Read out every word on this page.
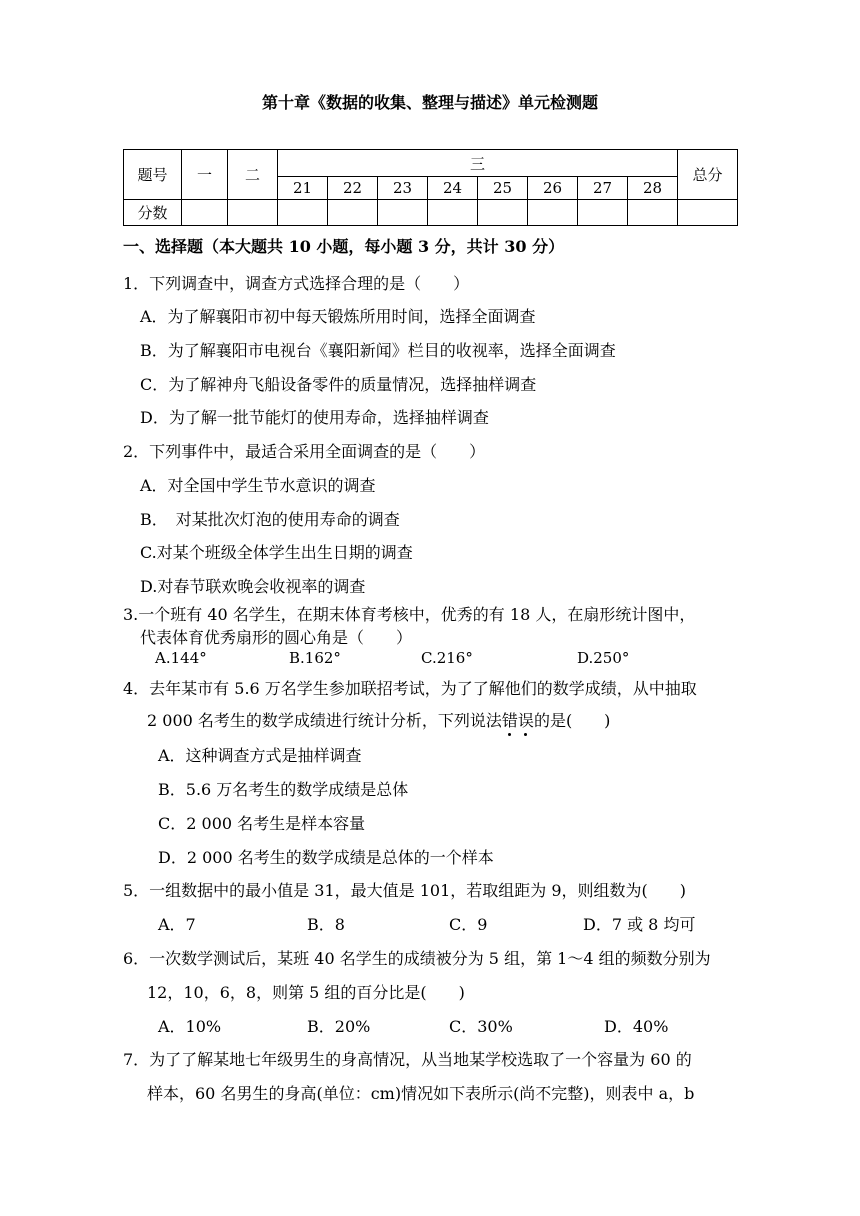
第十章《数据的收集、整理与描述》单元检测题
题号	一	二	三								总分
			21	22	23	24	25	26	27	28	
分数											
一、选择题（本大题共 10 小题，每小题 3 分，共计 30 分）
1．下列调查中，调查方式选择合理的是（　　）
A．为了解襄阳市初中每天锻炼所用时间，选择全面调查
B．为了解襄阳市电视台《襄阳新闻》栏目的收视率，选择全面调查
C．为了解神舟飞船设备零件的质量情况，选择抽样调查
D．为了解一批节能灯的使用寿命，选择抽样调查
2．下列事件中，最适合采用全面调查的是（　　）
A．对全国中学生节水意识的调查
B．　对某批次灯泡的使用寿命的调查
C.对某个班级全体学生出生日期的调查
D.对春节联欢晚会收视率的调查
3.一个班有 40 名学生，在期末体育考核中，优秀的有 18 人，在扇形统计图中，
代表体育优秀扇形的圆心角是（　　）
A.144°	B.162°	C.216°	D.250°
4．去年某市有 5.6 万名学生参加联招考试，为了了解他们的数学成绩，从中抽取
2 000 名考生的数学成绩进行统计分析，下列说法错误的是(　　)
A．这种调查方式是抽样调查
B．5.6 万名考生的数学成绩是总体
C．2 000 名考生是样本容量
D．2 000 名考生的数学成绩是总体的一个样本
5．一组数据中的最小值是 31，最大值是 101，若取组距为 9，则组数为(　　)
A．7	B．8	C．9	D．7 或 8 均可
6．一次数学测试后，某班 40 名学生的成绩被分为 5 组，第 1～4 组的频数分别为
12，10，6，8，则第 5 组的百分比是(　　)
A．10%	B．20%	C．30%	D．40%
7．为了了解某地七年级男生的身高情况，从当地某学校选取了一个容量为 60 的
样本，60 名男生的身高(单位：cm)情况如下表所示(尚不完整)，则表中 a，b
